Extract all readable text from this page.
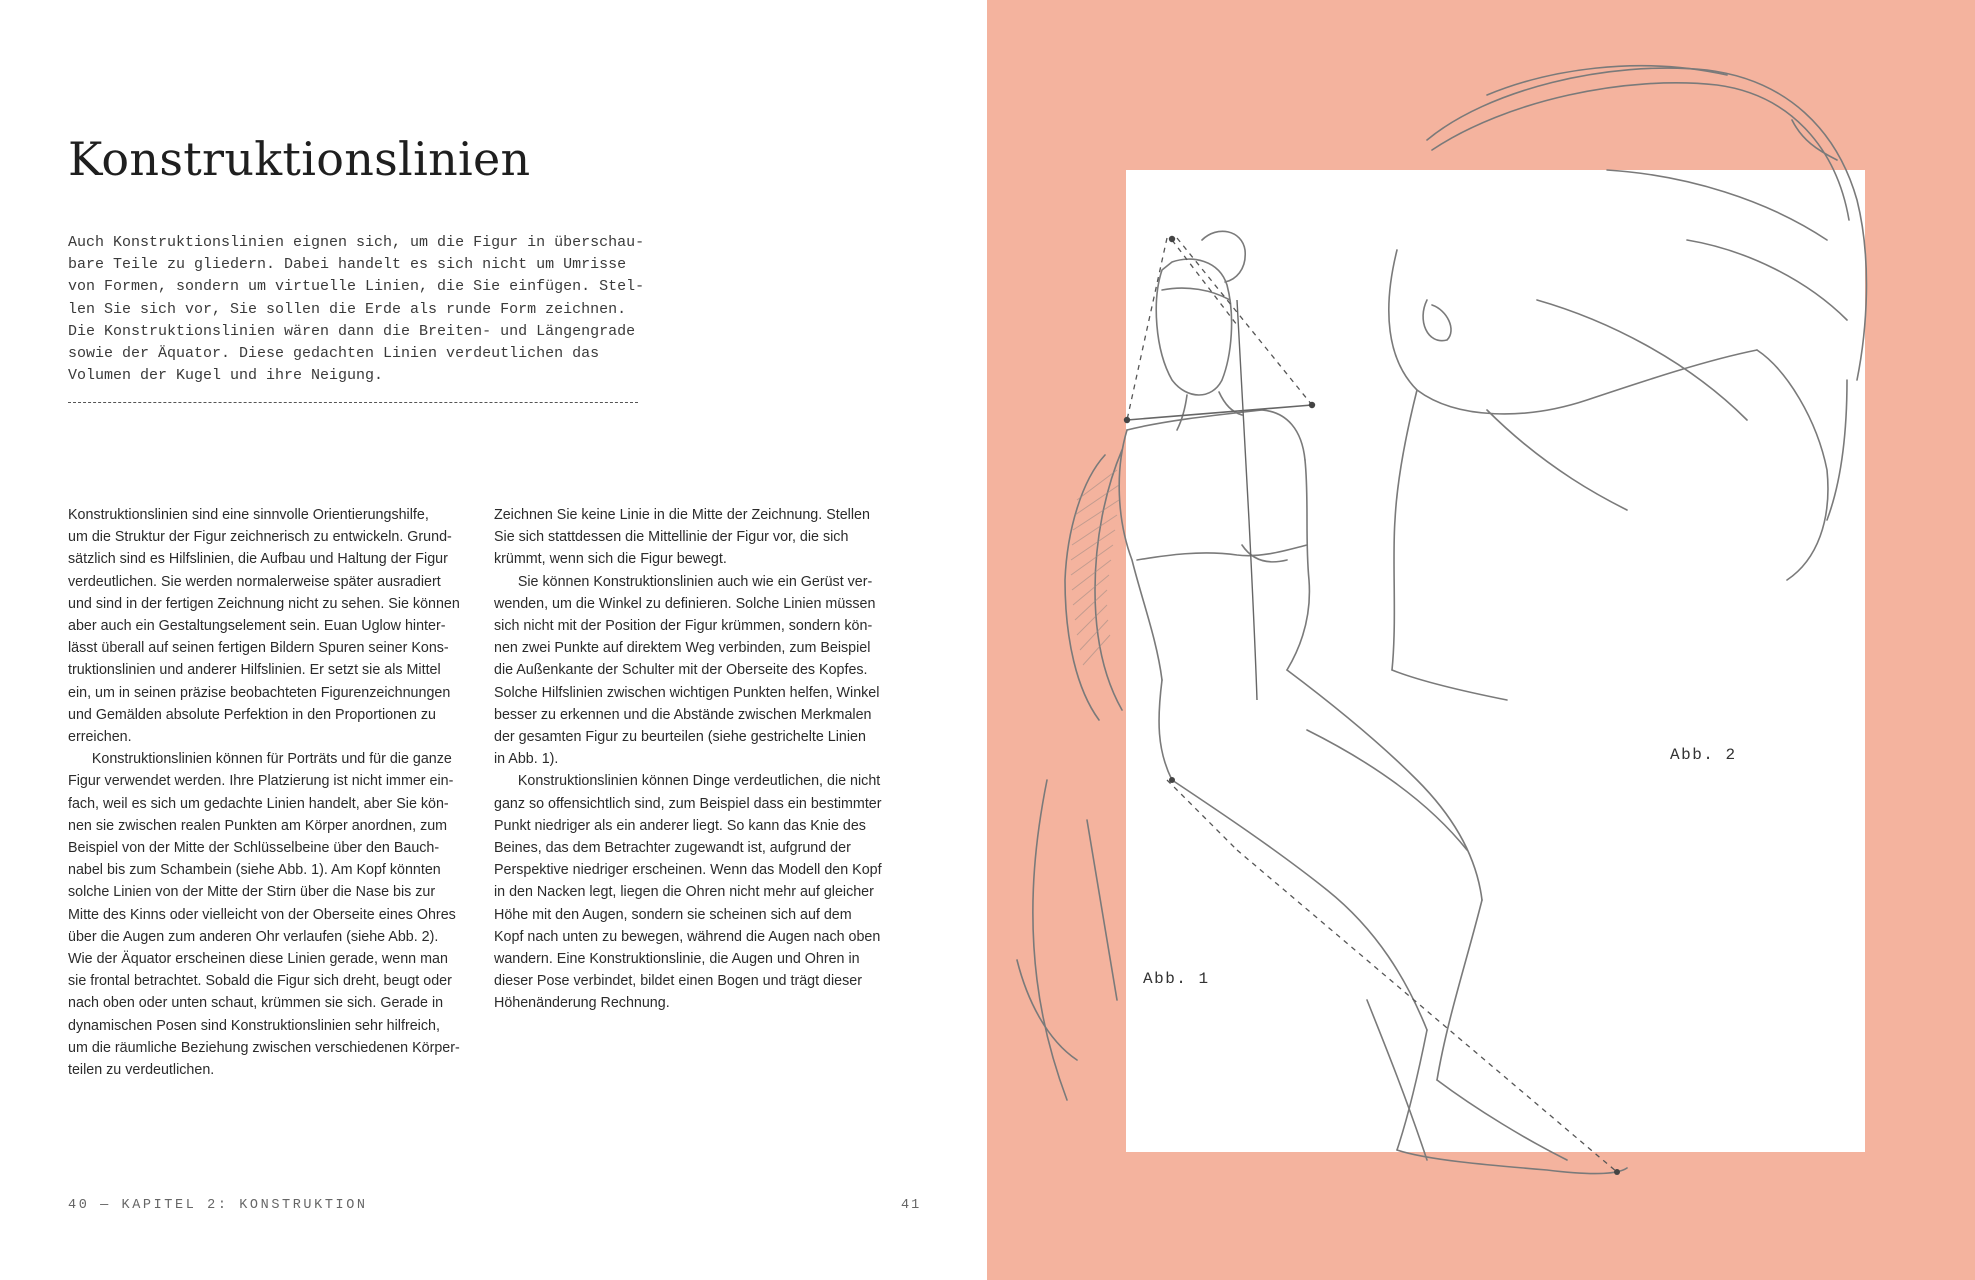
Konstruktionslinien

Auch Konstruktionslinien eignen sich, um die Figur in überschau-
bare Teile zu gliedern. Dabei handelt es sich nicht um Umrisse
von Formen, sondern um virtuelle Linien, die Sie einfügen. Stel-
len Sie sich vor, Sie sollen die Erde als runde Form zeichnen.
Die Konstruktionslinien wären dann die Breiten- und Längengrade
sowie der Äquator. Diese gedachten Linien verdeutlichen das
Volumen der Kugel und ihre Neigung.

Konstruktionslinien sind eine sinnvolle Orientierungshilfe,
um die Struktur der Figur zeichnerisch zu entwickeln. Grund-
sätzlich sind es Hilfslinien, die Aufbau und Haltung der Figur
verdeutlichen. Sie werden normalerweise später ausradiert
und sind in der fertigen Zeichnung nicht zu sehen. Sie können
aber auch ein Gestaltungselement sein. Euan Uglow hinter-
lässt überall auf seinen fertigen Bildern Spuren seiner Kons-
truktionslinien und anderer Hilfslinien. Er setzt sie als Mittel
ein, um in seinen präzise beobachteten Figurenzeichnungen
und Gemälden absolute Perfektion in den Proportionen zu
erreichen.
Konstruktionslinien können für Porträts und für die ganze
Figur verwendet werden. Ihre Platzierung ist nicht immer ein-
fach, weil es sich um gedachte Linien handelt, aber Sie kön-
nen sie zwischen realen Punkten am Körper anordnen, zum
Beispiel von der Mitte der Schlüsselbeine über den Bauch-
nabel bis zum Schambein (siehe Abb. 1). Am Kopf könnten
solche Linien von der Mitte der Stirn über die Nase bis zur
Mitte des Kinns oder vielleicht von der Oberseite eines Ohres
über die Augen zum anderen Ohr verlaufen (siehe Abb. 2).
Wie der Äquator erscheinen diese Linien gerade, wenn man
sie frontal betrachtet. Sobald die Figur sich dreht, beugt oder
nach oben oder unten schaut, krümmen sie sich. Gerade in
dynamischen Posen sind Konstruktionslinien sehr hilfreich,
um die räumliche Beziehung zwischen verschiedenen Körper-
teilen zu verdeutlichen.

Zeichnen Sie keine Linie in die Mitte der Zeichnung. Stellen
Sie sich stattdessen die Mittellinie der Figur vor, die sich
krümmt, wenn sich die Figur bewegt.
Sie können Konstruktionslinien auch wie ein Gerüst ver-
wenden, um die Winkel zu definieren. Solche Linien müssen
sich nicht mit der Position der Figur krümmen, sondern kön-
nen zwei Punkte auf direktem Weg verbinden, zum Beispiel
die Außenkante der Schulter mit der Oberseite des Kopfes.
Solche Hilfslinien zwischen wichtigen Punkten helfen, Winkel
besser zu erkennen und die Abstände zwischen Merkmalen
der gesamten Figur zu beurteilen (siehe gestrichelte Linien
in Abb. 1).
Konstruktionslinien können Dinge verdeutlichen, die nicht
ganz so offensichtlich sind, zum Beispiel dass ein bestimmter
Punkt niedriger als ein anderer liegt. So kann das Knie des
Beines, das dem Betrachter zugewandt ist, aufgrund der
Perspektive niedriger erscheinen. Wenn das Modell den Kopf
in den Nacken legt, liegen die Ohren nicht mehr auf gleicher
Höhe mit den Augen, sondern sie scheinen sich auf dem
Kopf nach unten zu bewegen, während die Augen nach oben
wandern. Eine Konstruktionslinie, die Augen und Ohren in
dieser Pose verbindet, bildet einen Bogen und trägt dieser
Höhenänderung Rechnung.

40 — KAPITEL 2: KONSTRUKTION	41
Abb. 1
Abb. 2
